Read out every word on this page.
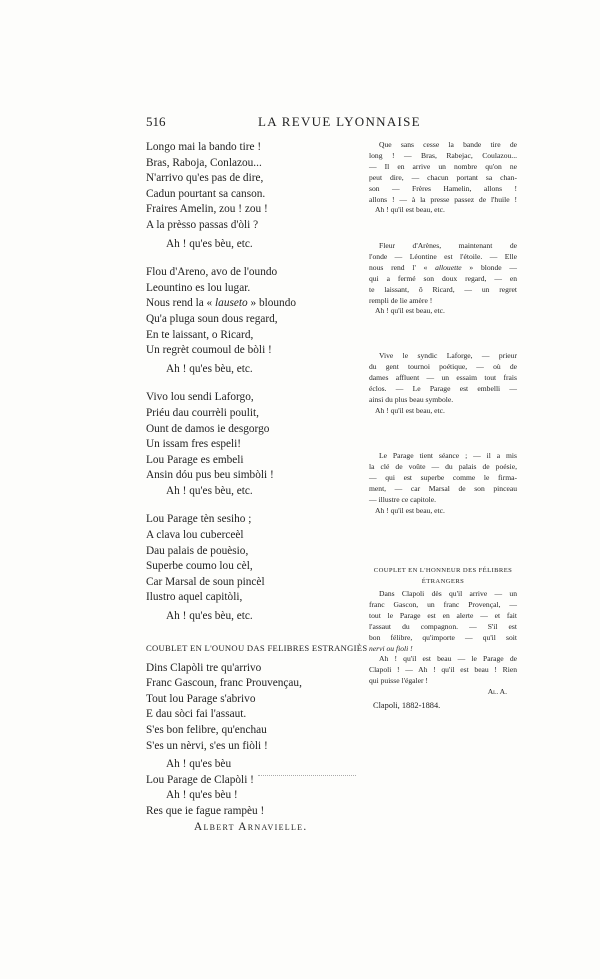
516	LA REVUE LYONNAISE
Longo mai la bando tire !
Bras, Raboja, Conlazou...
N'arrivo qu'es pas de dire,
Cadun pourtant sa canson.
Fraires Amelin, zou ! zou !
A la prèsso passas d'òli ?
Ah ! qu'es bèu, etc.
Flou d'Areno, avo de l'oundo
Leountino es lou lugar.
Nous rend la « lauseto » bloundo
Qu'a pluga soun dous regard,
En te laissant, o Ricard,
Un regrèt coumoul de bòli !
Ah ! qu'es bèu, etc.
Vivo lou sendi Laforgo,
Priéu dau courrèli poulit,
Ount de damos ie desgorgo
Un issam fres espeli!
Lou Parage es embeli
Ansin dóu pus beu simbòli !
Ah ! qu'es bèu, etc.
Lou Parage tèn sesiho ;
A clava lou cuberceèl
Dau palais de pouèsio,
Superbe coumo lou cèl,
Car Marsal de soun pincèl
Ilustro aquel capitòli,
Ah ! qu'es bèu, etc.
COUBLET EN L'OUNOU DAS FELIBRES ESTRANGIÈS
Dins Clapòli tre qu'arrivo
Franc Gascoun, franc Prouvençau,
Tout lou Parage s'abrivo
E dau sòci fai l'assaut.
S'es bon felibre, qu'enchau
S'es un nèrvi, s'es un fiòli !
Ah ! qu'es bèu
Lou Parage de Clapòli !
Ah ! qu'es bèu !
Res que ie fague rampèu !
Albert Arnavielle.
Que sans cesse la bande tire de
long ! — Bras, Rabejac, Coulazou...
— Il en arrive un nombre qu'on ne
peut dire, — chacun portant sa chan-
son — Frères Hamelin, allons !
allons ! — à la presse passez de l'huile !
Ah ! qu'il est beau, etc.
Fleur d'Arènes, maintenant de
l'onde — Léontine est l'étoile. — Elle
nous rend l' « allouette » blonde —
qui a fermé son doux regard, — en
te laissant, ô Ricard, — un regret
rempli de lie amère !
Ah ! qu'il est beau, etc.
Vive le syndic Laforge, — prieur
du gent tournoi poétique, — où de
dames affluent — un essaim tout frais
éclos. — Le Parage est embelli —
ainsi du plus beau symbole.
Ah ! qu'il est beau, etc.
Le Parage tient séance ; — il a mis
la clé de voûte — du palais de poésie,
— qui est superbe comme le firma-
ment, — car Marsal de son pinceau
— illustre ce capitole.
Ah ! qu'il est beau, etc.
COUPLET EN L'HONNEUR DES FÉLIBRES
ÉTRANGERS
Dans Clapoli dès qu'il arrive — un
franc Gascon, un franc Provençal, —
tout le Parage est en alerte — et fait
l'assaut du compagnon. — S'il est
bon félibre, qu'importe — qu'il soit
nervi ou fioli !
Ah ! qu'il est beau — le Parage de
Clapoli ! — Ah ! qu'il est beau ! Rien
qui puisse l'égaler !
Al. A.
Clapoli, 1882-1884.
